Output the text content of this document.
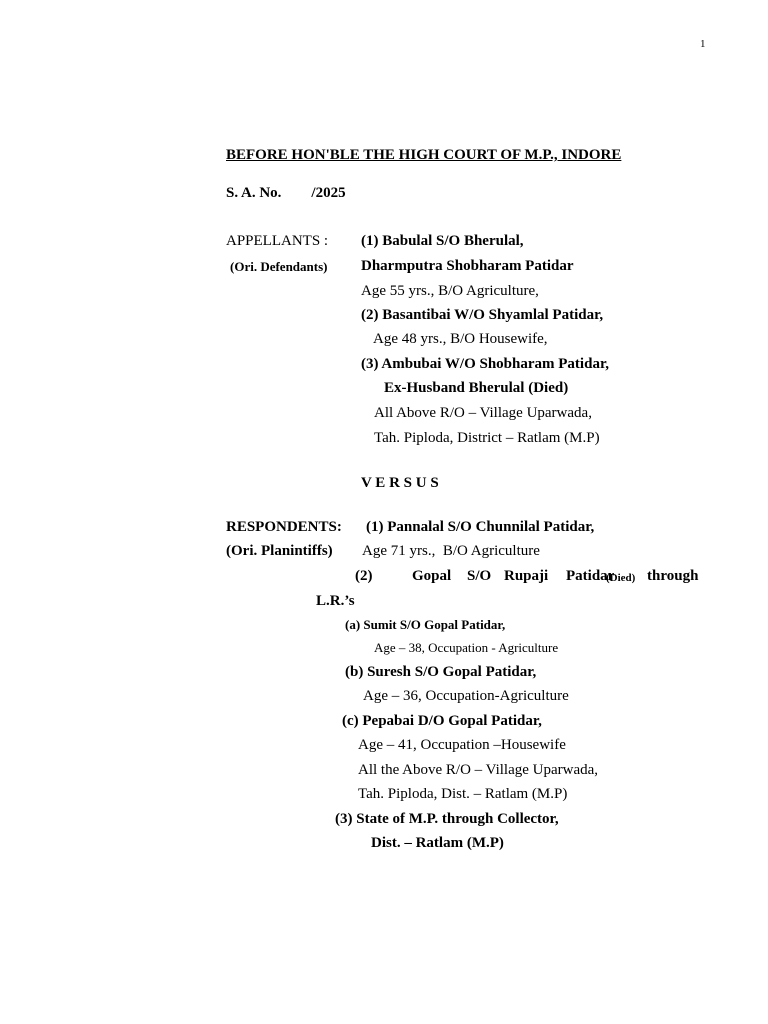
1
BEFORE HON'BLE THE HIGH COURT OF M.P., INDORE
S. A. No.        /2025
APPELLANTS : (1) Babulal S/O Bherulal,
(Ori. Defendants) Dharmputra Shobharam Patidar
Age 55 yrs., B/O Agriculture,
(2) Basantibai W/O Shyamlal Patidar,
Age 48 yrs., B/O Housewife,
(3) Ambubai W/O Shobharam Patidar,
Ex-Husband Bherulal (Died)
All Above R/O – Village Uparwada,
Tah. Piploda, District – Ratlam (M.P)
V E R S U S
RESPONDENTS: (1) Pannalal S/O Chunnilal Patidar,
(Ori. Planintiffs) Age 71 yrs.,  B/O Agriculture
(2)	Gopal S/O Rupaji Patidar
(Died) through
L.R.’s
(a) Sumit S/O Gopal Patidar,
Age – 38, Occupation - Agriculture
(b) Suresh S/O Gopal Patidar,
Age – 36, Occupation-Agriculture
(c) Pepabai D/O Gopal Patidar,
Age – 41, Occupation –Housewife
All the Above R/O – Village Uparwada,
Tah. Piploda, Dist. – Ratlam (M.P)
(3) State of M.P. through Collector,
Dist. – Ratlam (M.P)
